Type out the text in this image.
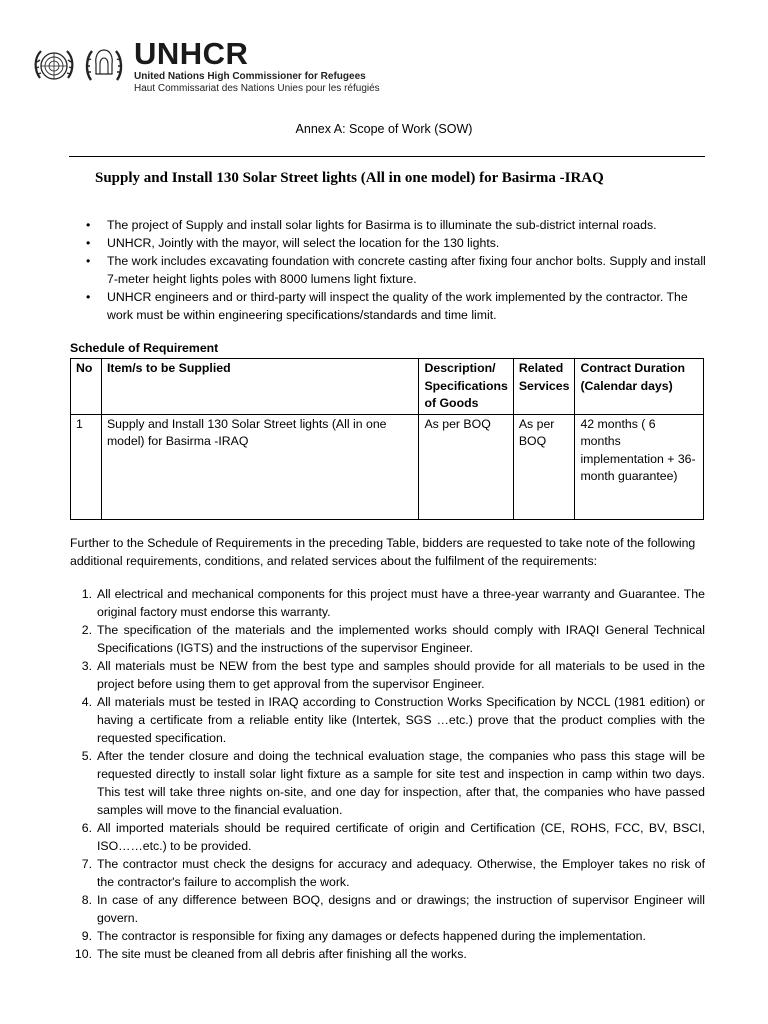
UNHCR
United Nations High Commissioner for Refugees
Haut Commissariat des Nations Unies pour les réfugiés
Annex A: Scope of Work (SOW)
Supply and Install 130 Solar Street lights (All in one model) for Basirma -IRAQ
• The project of Supply and install solar lights for Basirma is to illuminate the sub-district internal roads.
• UNHCR, Jointly with the mayor, will select the location for the 130 lights.
• The work includes excavating foundation with concrete casting after fixing four anchor bolts. Supply and install 7-meter height lights poles with 8000 lumens light fixture.
• UNHCR engineers and or third-party will inspect the quality of the work implemented by the contractor. The work must be within engineering specifications/standards and time limit.
Schedule of Requirement
No	Item/s to be Supplied	Description/ Specifications of Goods	Related Services	Contract Duration (Calendar days)
1	Supply and Install 130 Solar Street lights (All in one model) for Basirma -IRAQ	As per BOQ	As per BOQ	42 months ( 6 months implementation + 36-month guarantee)
Further to the Schedule of Requirements in the preceding Table, bidders are requested to take note of the following additional requirements, conditions, and related services about the fulfilment of the requirements:
1. All electrical and mechanical components for this project must have a three-year warranty and Guarantee. The original factory must endorse this warranty.
2. The specification of the materials and the implemented works should comply with IRAQI General Technical Specifications (IGTS) and the instructions of the supervisor Engineer.
3. All materials must be NEW from the best type and samples should provide for all materials to be used in the project before using them to get approval from the supervisor Engineer.
4. All materials must be tested in IRAQ according to Construction Works Specification by NCCL (1981 edition) or having a certificate from a reliable entity like (Intertek, SGS …etc.) prove that the product complies with the requested specification.
5. After the tender closure and doing the technical evaluation stage, the companies who pass this stage will be requested directly to install solar light fixture as a sample for site test and inspection in camp within two days. This test will take three nights on-site, and one day for inspection, after that, the companies who have passed samples will move to the financial evaluation.
6. All imported materials should be required certificate of origin and Certification (CE, ROHS, FCC, BV, BSCI, ISO……etc.) to be provided.
7. The contractor must check the designs for accuracy and adequacy. Otherwise, the Employer takes no risk of the contractor's failure to accomplish the work.
8. In case of any difference between BOQ, designs and or drawings; the instruction of supervisor Engineer will govern.
9. The contractor is responsible for fixing any damages or defects happened during the implementation.
10. The site must be cleaned from all debris after finishing all the works.
